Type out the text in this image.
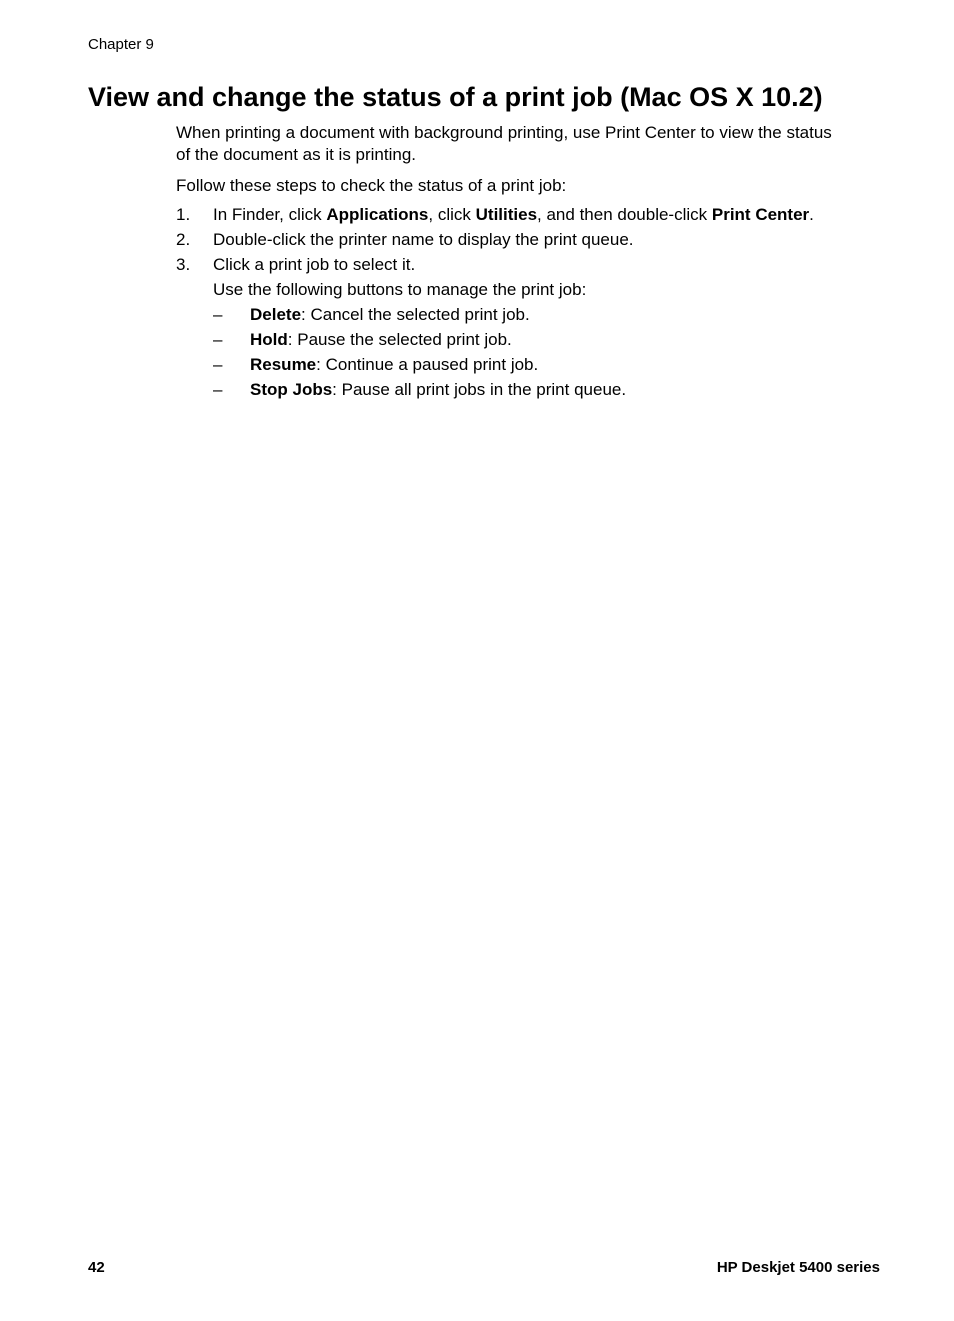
Chapter 9
View and change the status of a print job (Mac OS X 10.2)

When printing a document with background printing, use Print Center to view the status of the document as it is printing.

Follow these steps to check the status of a print job:

1. In Finder, click Applications, click Utilities, and then double-click Print Center.
2. Double-click the printer name to display the print queue.
3. Click a print job to select it.
Use the following buttons to manage the print job:
– Delete: Cancel the selected print job.
– Hold: Pause the selected print job.
– Resume: Continue a paused print job.
– Stop Jobs: Pause all print jobs in the print queue.
42	HP Deskjet 5400 series
